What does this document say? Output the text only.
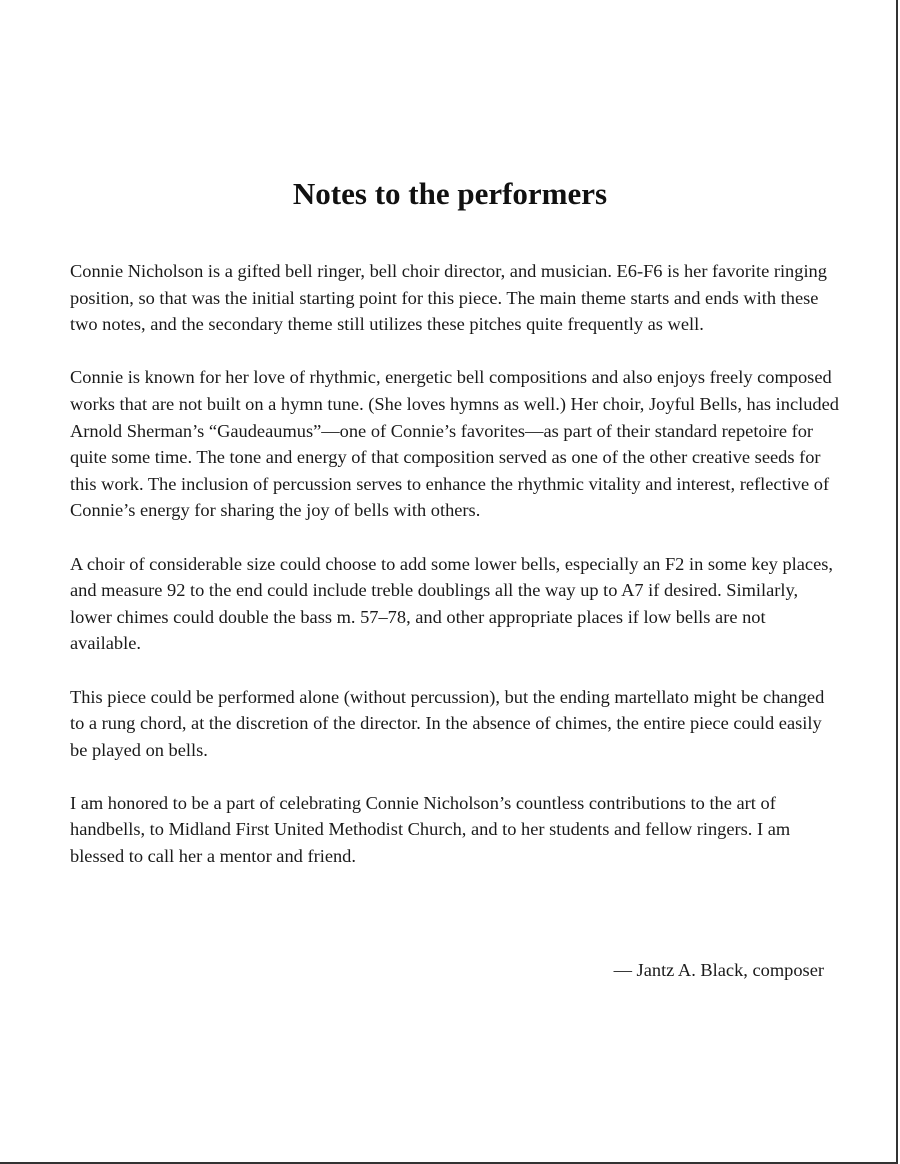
Notes to the performers

Connie Nicholson is a gifted bell ringer, bell choir director, and musician. E6-F6 is her favorite ringing position, so that was the initial starting point for this piece. The main theme starts and ends with these two notes, and the secondary theme still utilizes these pitches quite frequently as well.

Connie is known for her love of rhythmic, energetic bell compositions and also enjoys freely composed works that are not built on a hymn tune. (She loves hymns as well.) Her choir, Joyful Bells, has included Arnold Sherman’s “Gaudeaumus”—one of Connie’s favorites—as part of their standard repetoire for quite some time. The tone and energy of that composition served as one of the other creative seeds for this work. The inclusion of percussion serves to enhance the rhythmic vitality and interest, reflective of Connie’s energy for sharing the joy of bells with others.

A choir of considerable size could choose to add some lower bells, especially an F2 in some key places, and measure 92 to the end could include treble doublings all the way up to A7 if desired. Similarly, lower chimes could double the bass m. 57–78, and other appropriate places if low bells are not available.

This piece could be performed alone (without percussion), but the ending martellato might be changed to a rung chord, at the discretion of the director. In the absence of chimes, the entire piece could easily be played on bells.

I am honored to be a part of celebrating Connie Nicholson’s countless contributions to the art of handbells, to Midland First United Methodist Church, and to her students and fellow ringers. I am blessed to call her a mentor and friend.

— Jantz A. Black, composer
